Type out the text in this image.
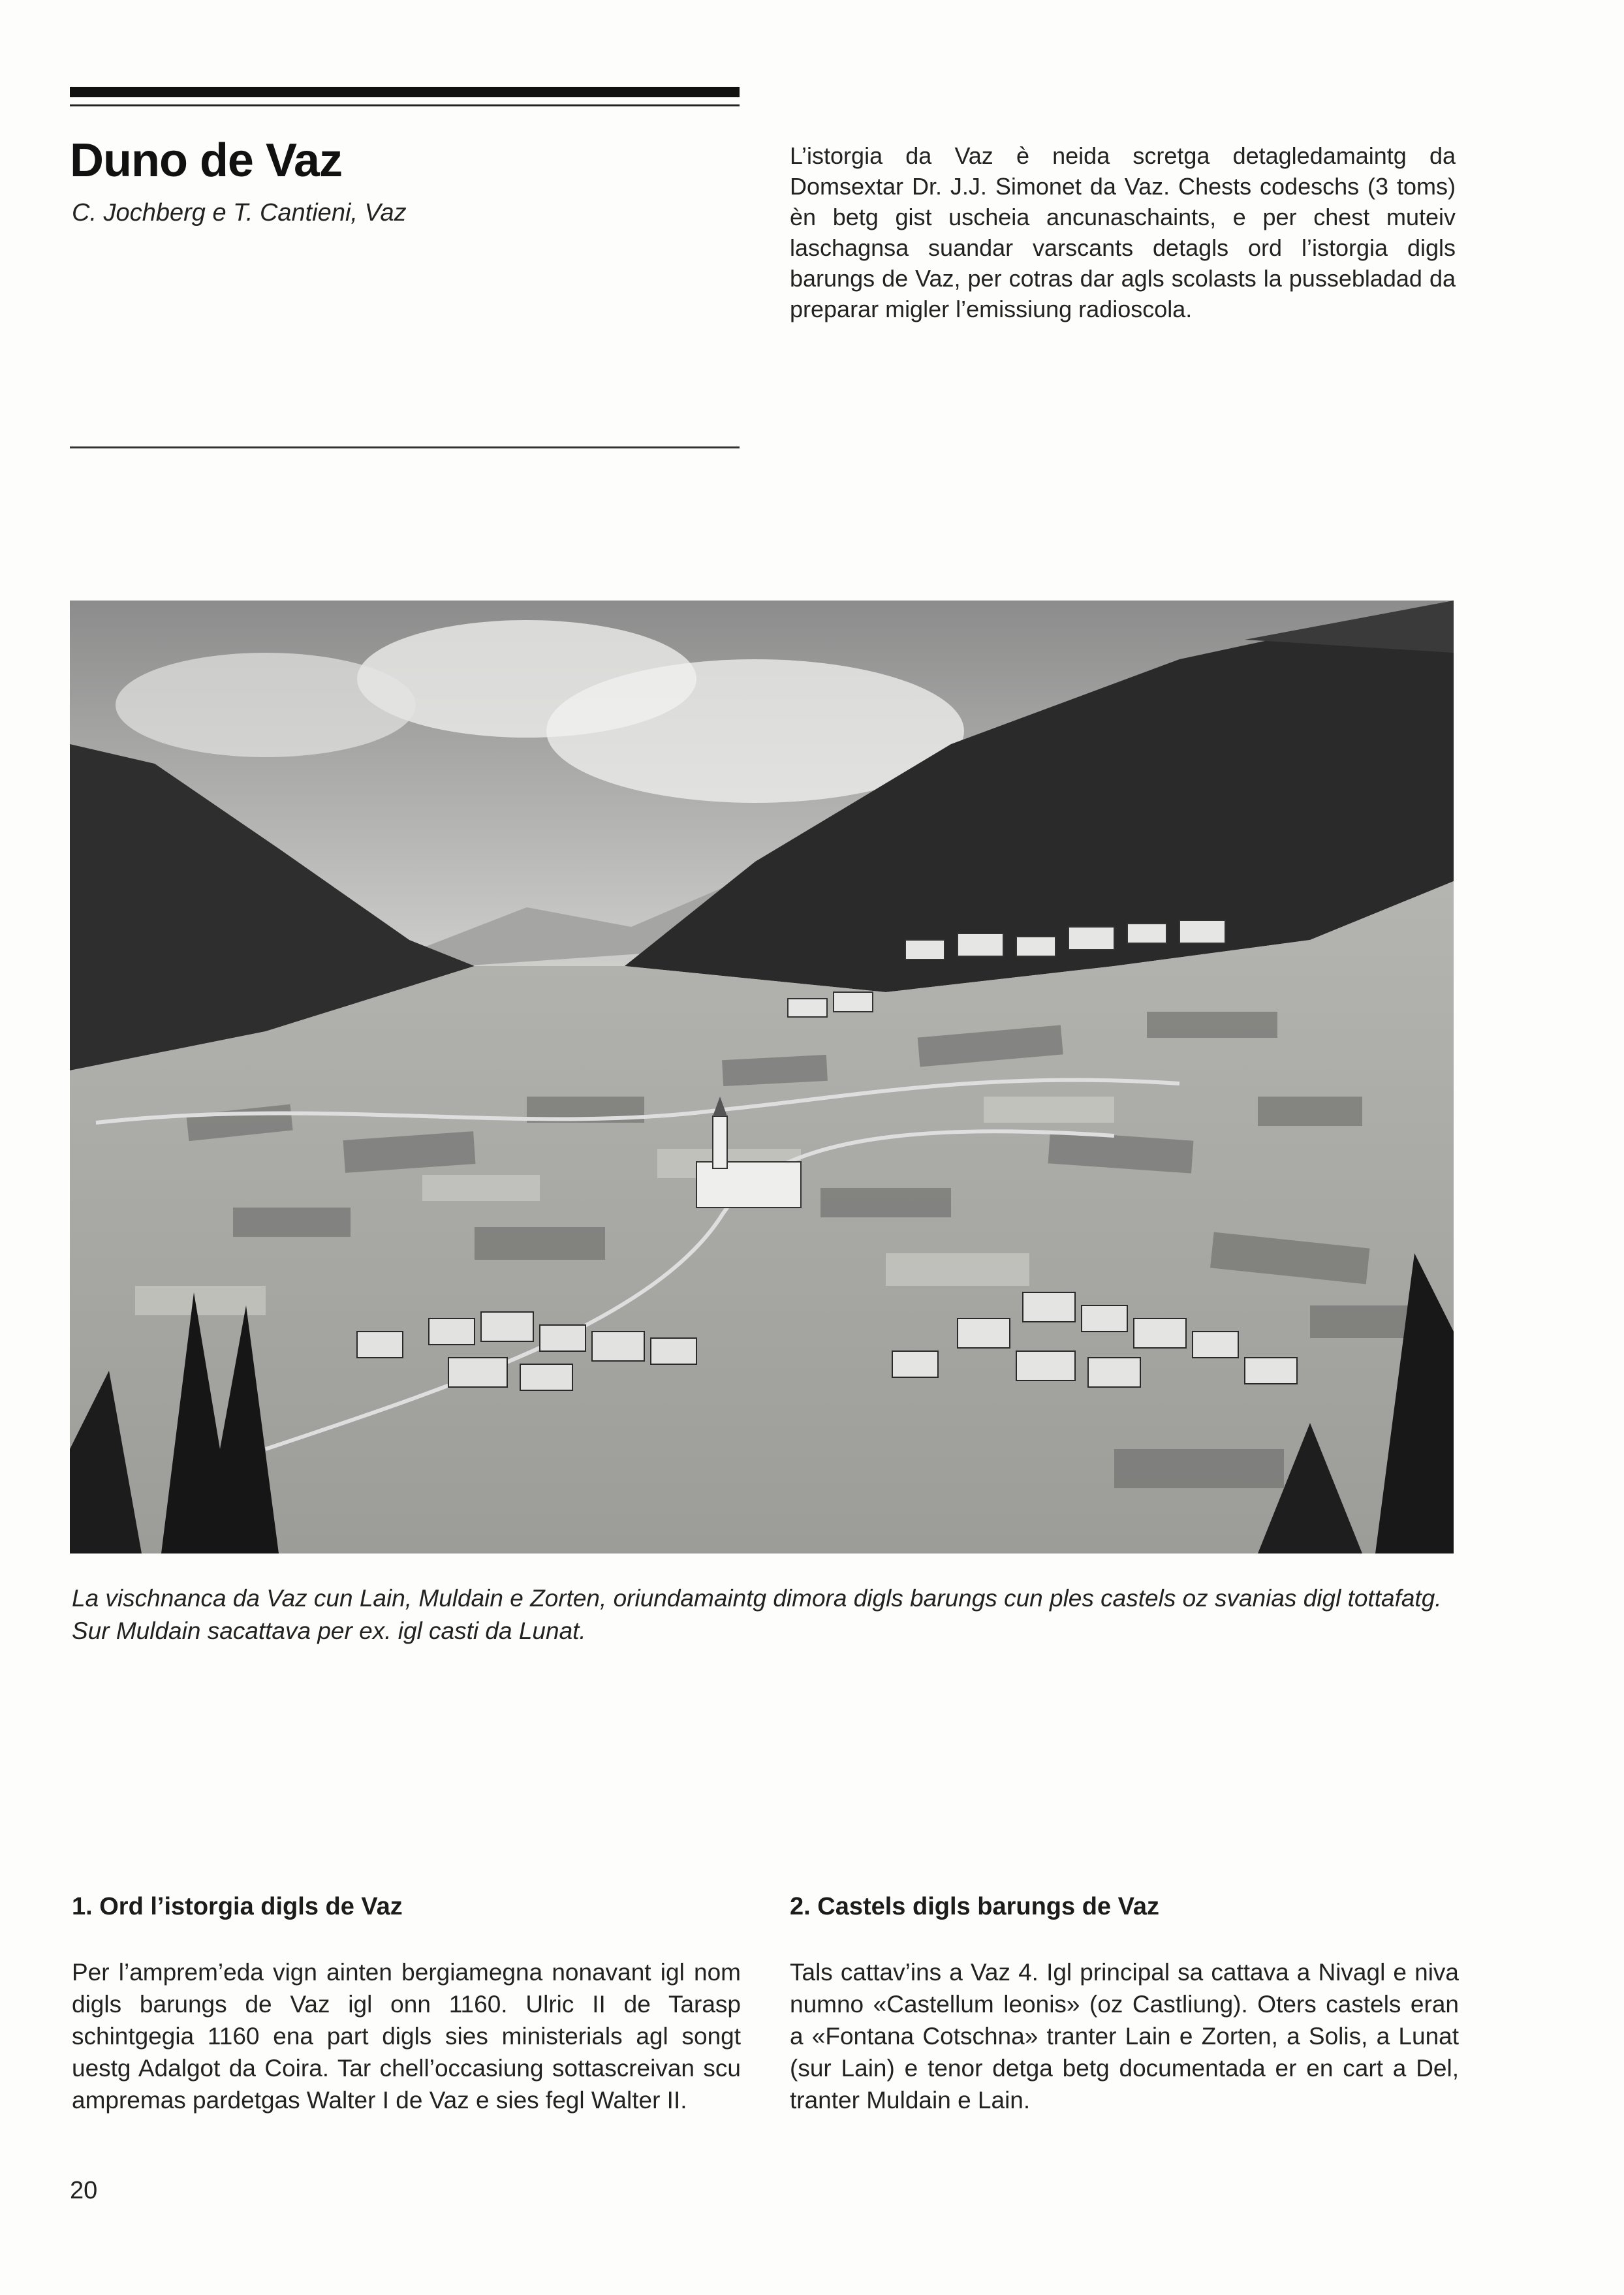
Duno de Vaz
C. Jochberg e T. Cantieni, Vaz

L’istorgia da Vaz è neida scretga detagledamaintg da Domsextar Dr. J.J. Simonet da Vaz. Chests codeschs (3 toms) èn betg gist uscheia ancunaschaints, e per chest muteiv laschagnsa suandar varscants detagls ord l’istorgia digls barungs de Vaz, per cotras dar agls scolasts la pussebladad da preparar migler l’emissiung radioscola.

La vischnanca da Vaz cun Lain, Muldain e Zorten, oriundamaintg dimora digls barungs cun ples castels oz svanias digl tottafatg. Sur Muldain sacattava per ex. igl casti da Lunat.

1. Ord l’istorgia digls de Vaz

Per l’amprem’eda vign ainten bergiamegna nonavant igl nom digls barungs de Vaz igl onn 1160. Ulric II de Tarasp schintgegia 1160 ena part digls sies ministerials agl songt uestg Adalgot da Coira. Tar chell’occasiung sottascreivan scu ampremas pardetgas Walter I de Vaz e sies fegl Walter II.

2. Castels digls barungs de Vaz

Tals cattav’ins a Vaz 4. Igl principal sa cattava a Nivagl e niva numno «Castellum leonis» (oz Castliung). Oters castels eran a «Fontana Cotschna» tranter Lain e Zorten, a Solis, a Lunat (sur Lain) e tenor detga betg documentada er en cart a Del, tranter Muldain e Lain.

20
